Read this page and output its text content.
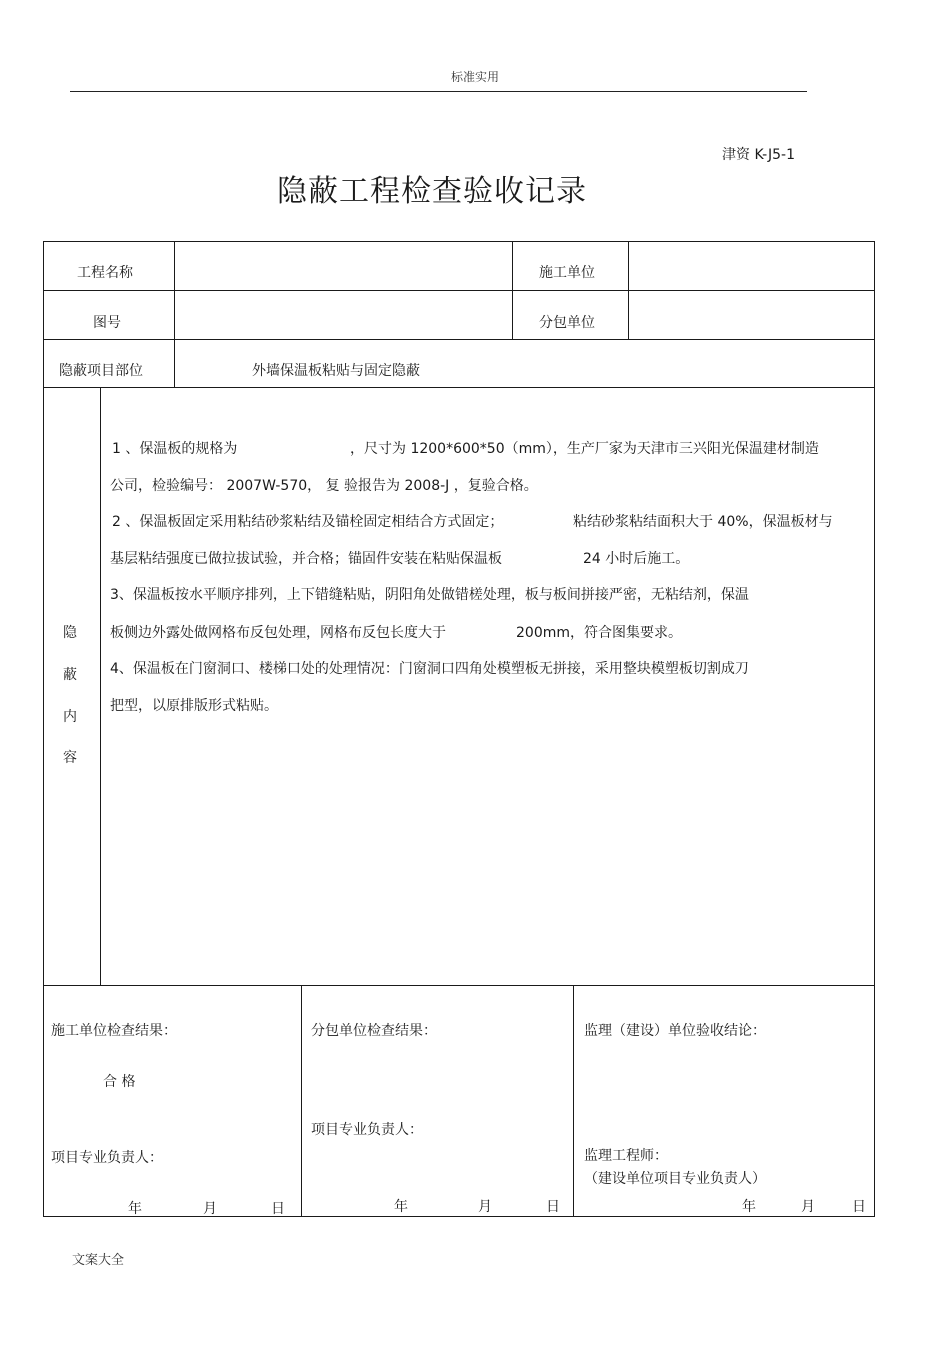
标准实用
津资 K-J5-1
隐蔽工程检查验收记录
工程名称	施工单位
图号	分包单位
隐蔽项目部位	外墙保温板粘贴与固定隐蔽
隐
蔽
内
容
1 、保温板的规格为	，尺寸为 1200*600*50（mm），生产厂家为天津市三兴阳光保温建材制造
公司，检验编号： 2007W-570， 复 验报告为 2008-J ，复验合格。
2 、保温板固定采用粘结砂浆粘结及锚栓固定相结合方式固定；	粘结砂浆粘结面积大于 40%，保温板材与
基层粘结强度已做拉拔试验，并合格；锚固件安装在粘贴保温板	24 小时后施工。
3、保温板按水平顺序排列，上下错缝粘贴，阴阳角处做错槎处理，板与板间拼接严密，无粘结剂，保温
板侧边外露处做网格布反包处理，网格布反包长度大于	200mm，符合图集要求。
4、保温板在门窗洞口、楼梯口处的处理情况：门窗洞口四角处模塑板无拼接，采用整块模塑板切割成刀
把型，以原排版形式粘贴。
施工单位检查结果：
合 格
项目专业负责人：
年	月	日
分包单位检查结果：
项目专业负责人：
年	月	日
监理（建设）单位验收结论：
监理工程师：
（建设单位项目专业负责人）
年	月	日
文案大全
